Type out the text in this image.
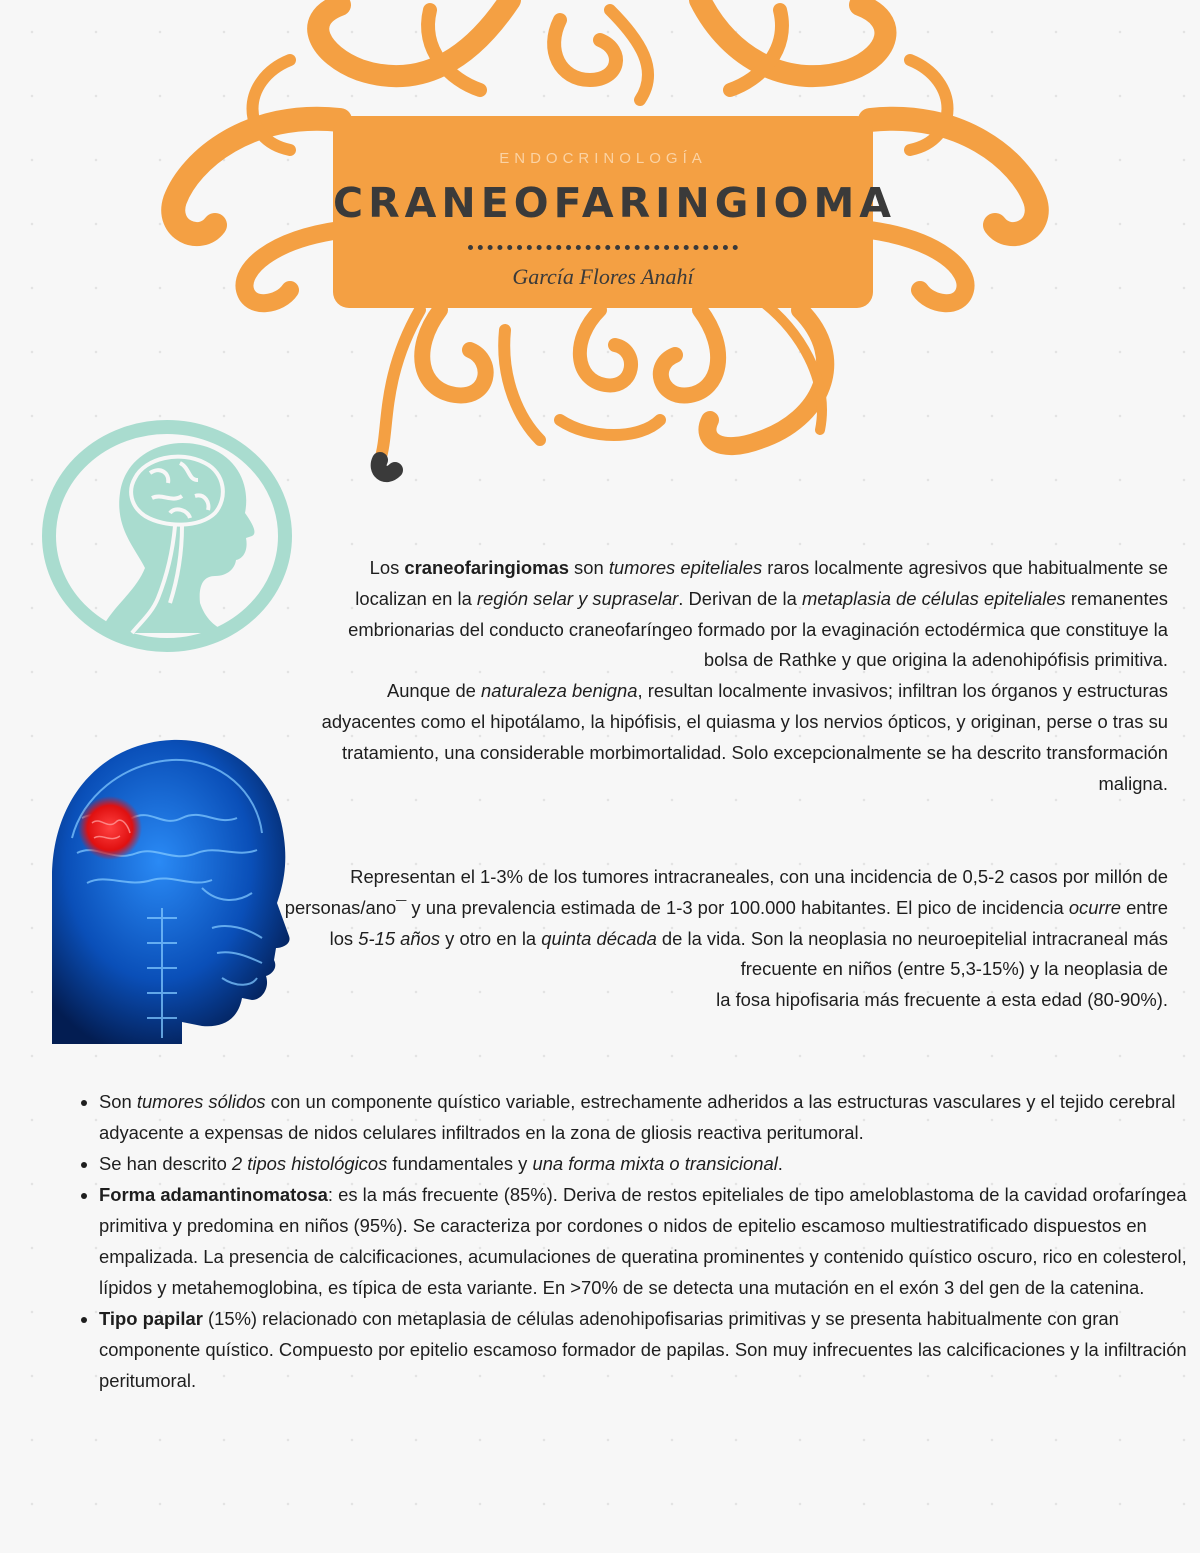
ENDOCRINOLOGÍA
CRANEOFARINGIOMA
García Flores Anahí

Los craneofaringiomas son tumores epiteliales raros localmente agresivos que habitualmente se localizan en la región selar y supraselar. Derivan de la metaplasia de células epiteliales remanentes embrionarias del conducto craneofaríngeo formado por la evaginación ectodérmica que constituye la bolsa de Rathke y que origina la adenohipófisis primitiva.
Aunque de naturaleza benigna, resultan localmente invasivos; infiltran los órganos y estructuras adyacentes como el hipotálamo, la hipófisis, el quiasma y los nervios ópticos, y originan, perse o tras su tratamiento, una considerable morbimortalidad. Solo excepcionalmente se ha descrito transformación maligna.

Representan el 1-3% de los tumores intracraneales, con una incidencia de 0,5-2 casos por millón de personas/ano¯ y una prevalencia estimada de 1-3 por 100.000 habitantes. El pico de incidencia ocurre entre los 5-15 años y otro en la quinta década de la vida. Son la neoplasia no neuroepitelial intracraneal más frecuente en niños (entre 5,3-15%) y la neoplasia de
la fosa hipofisaria más frecuente a esta edad (80-90%).

• Son tumores sólidos con un componente quístico variable, estrechamente adheridos a las estructuras vasculares y el tejido cerebral adyacente a expensas de nidos celulares infiltrados en la zona de gliosis reactiva peritumoral.
• Se han descrito 2 tipos histológicos fundamentales y una forma mixta o transicional.
• Forma adamantinomatosa: es la más frecuente (85%). Deriva de restos epiteliales de tipo ameloblastoma de la cavidad orofaríngea primitiva y predomina en niños (95%). Se caracteriza por cordones o nidos de epitelio escamoso multiestratificado dispuestos en empalizada. La presencia de calcificaciones, acumulaciones de queratina prominentes y contenido quístico oscuro, rico en colesterol, lípidos y metahemoglobina, es típica de esta variante. En >70% de se detecta una mutación en el exón 3 del gen de la catenina.
• Tipo papilar (15%) relacionado con metaplasia de células adenohipofisarias primitivas y se presenta habitualmente con gran componente quístico. Compuesto por epitelio escamoso formador de papilas. Son muy infrecuentes las calcificaciones y la infiltración peritumoral.
